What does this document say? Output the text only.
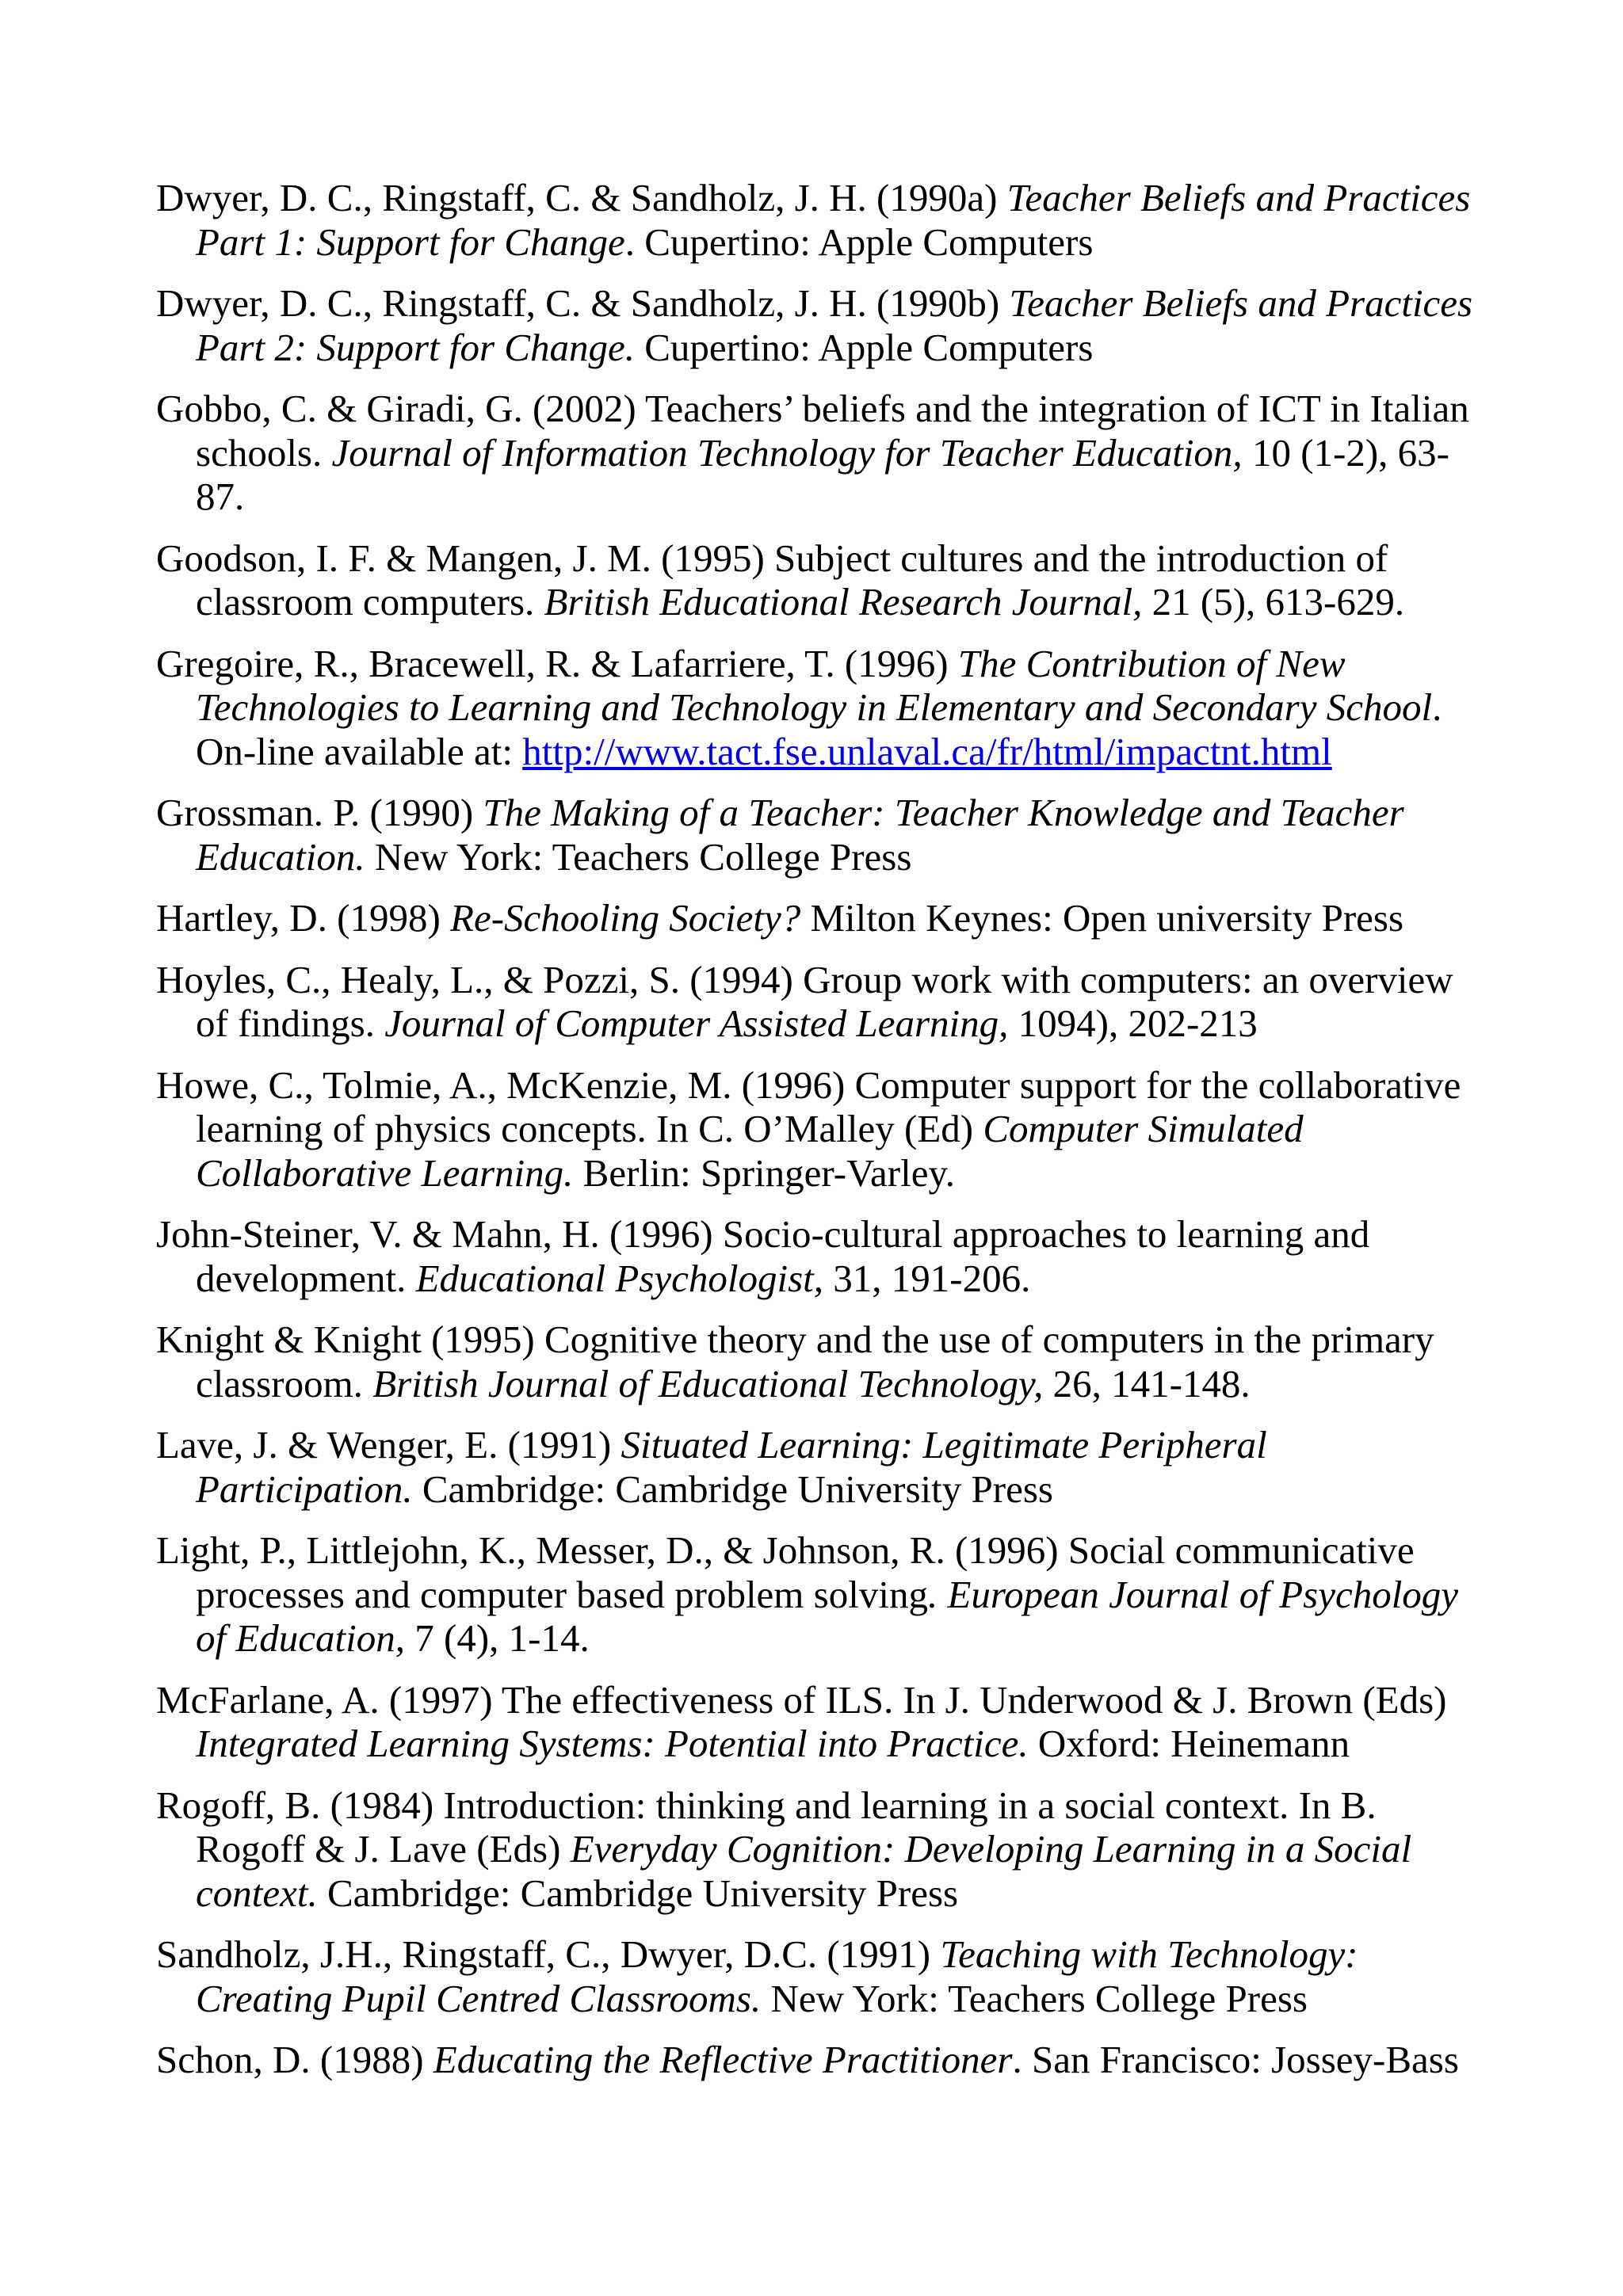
Dwyer, D. C., Ringstaff, C. & Sandholz, J. H. (1990a) Teacher Beliefs and Practices Part 1: Support for Change. Cupertino: Apple Computers
Dwyer, D. C., Ringstaff, C. & Sandholz, J. H. (1990b) Teacher Beliefs and Practices Part 2: Support for Change. Cupertino: Apple Computers
Gobbo, C. & Giradi, G. (2002) Teachers’ beliefs and the integration of ICT in Italian schools. Journal of Information Technology for Teacher Education, 10 (1-2), 63-87.
Goodson, I. F. & Mangen, J. M. (1995) Subject cultures and the introduction of classroom computers. British Educational Research Journal, 21 (5), 613-629.
Gregoire, R., Bracewell, R. & Lafarriere, T. (1996) The Contribution of New Technologies to Learning and Technology in Elementary and Secondary School. On-line available at: http://www.tact.fse.unlaval.ca/fr/html/impactnt.html
Grossman. P. (1990) The Making of a Teacher: Teacher Knowledge and Teacher Education. New York: Teachers College Press
Hartley, D. (1998) Re-Schooling Society? Milton Keynes: Open university Press
Hoyles, C., Healy, L., & Pozzi, S. (1994) Group work with computers: an overview of findings. Journal of Computer Assisted Learning, 1094), 202-213
Howe, C., Tolmie, A., McKenzie, M. (1996) Computer support for the collaborative learning of physics concepts. In C. O’Malley (Ed) Computer Simulated Collaborative Learning. Berlin: Springer-Varley.
John-Steiner, V. & Mahn, H. (1996) Socio-cultural approaches to learning and development. Educational Psychologist, 31, 191-206.
Knight & Knight (1995) Cognitive theory and the use of computers in the primary classroom. British Journal of Educational Technology, 26, 141-148.
Lave, J. & Wenger, E. (1991) Situated Learning: Legitimate Peripheral Participation. Cambridge: Cambridge University Press
Light, P., Littlejohn, K., Messer, D., & Johnson, R. (1996) Social communicative processes and computer based problem solving. European Journal of Psychology of Education, 7 (4), 1-14.
McFarlane, A. (1997) The effectiveness of ILS. In J. Underwood & J. Brown (Eds) Integrated Learning Systems: Potential into Practice. Oxford: Heinemann
Rogoff, B. (1984) Introduction: thinking and learning in a social context. In B. Rogoff & J. Lave (Eds) Everyday Cognition: Developing Learning in a Social context. Cambridge: Cambridge University Press
Sandholz, J.H., Ringstaff, C., Dwyer, D.C. (1991) Teaching with Technology: Creating Pupil Centred Classrooms. New York: Teachers College Press
Schon, D. (1988) Educating the Reflective Practitioner. San Francisco: Jossey-Bass
